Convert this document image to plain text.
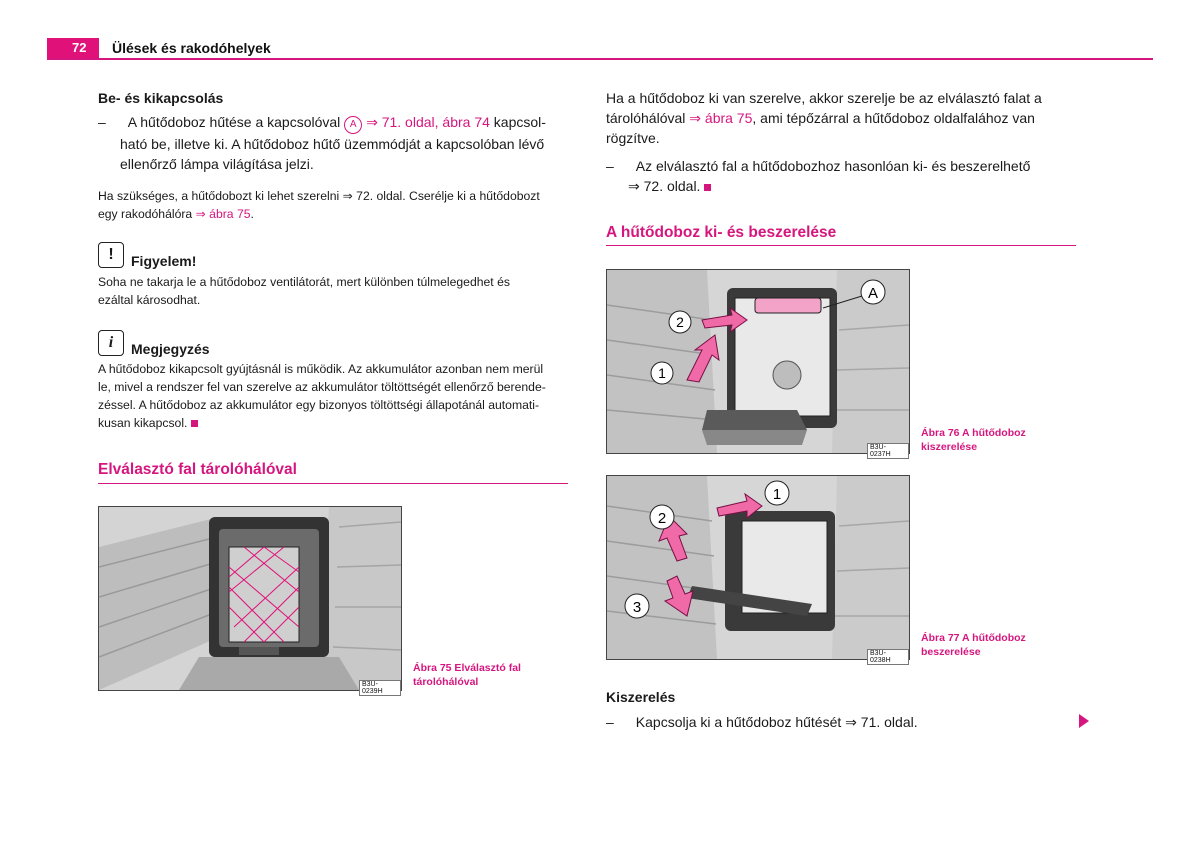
72 Ülések és rakodóhelyek
Be- és kikapcsolás
– A hűtődoboz hűtése a kapcsolóval A ⇒ 71. oldal, ábra 74 kapcsol-
ható be, illetve ki. A hűtődoboz hűtő üzemmódját a kapcsolóban lévő
ellenőrző lámpa világítása jelzi.
Ha szükséges, a hűtődobozt ki lehet szerelni ⇒ 72. oldal. Cserélje ki a hűtődobozt
egy rakodóhálóra ⇒ ábra 75.
!	Figyelem!
Soha ne takarja le a hűtődoboz ventilátorát, mert különben túlmelegedhet és
ezáltal károsodhat.
i	Megjegyzés
A hűtődoboz kikapcsolt gyújtásnál is működik. Az akkumulátor azonban nem merül
le, mivel a rendszer fel van szerelve az akkumulátor töltöttségét ellenőrző berende-
zéssel. A hűtődoboz az akkumulátor egy bizonyos töltöttségi állapotánál automati-
kusan kikapcsol.
Elválasztó fal tárolóhálóval
B3U-0239H
Ábra 75 Elválasztó fal
tárolóhálóval
Ha a hűtődoboz ki van szerelve, akkor szerelje be az elválasztó falat a
tárolóhálóval ⇒ ábra 75, ami tépőzárral a hűtődoboz oldalfalához van
rögzítve.
– Az elválasztó fal a hűtődobozhoz hasonlóan ki- és beszerelhető
⇒ 72. oldal.
A hűtődoboz ki- és beszerelése
2
1
A
B3U-0237H
Ábra 76 A hűtődoboz
kiszerelése
1
2
3
B3U-0238H
Ábra 77 A hűtődoboz
beszerelése
Kiszerelés
– Kapcsolja ki a hűtődoboz hűtését ⇒ 71. oldal.
